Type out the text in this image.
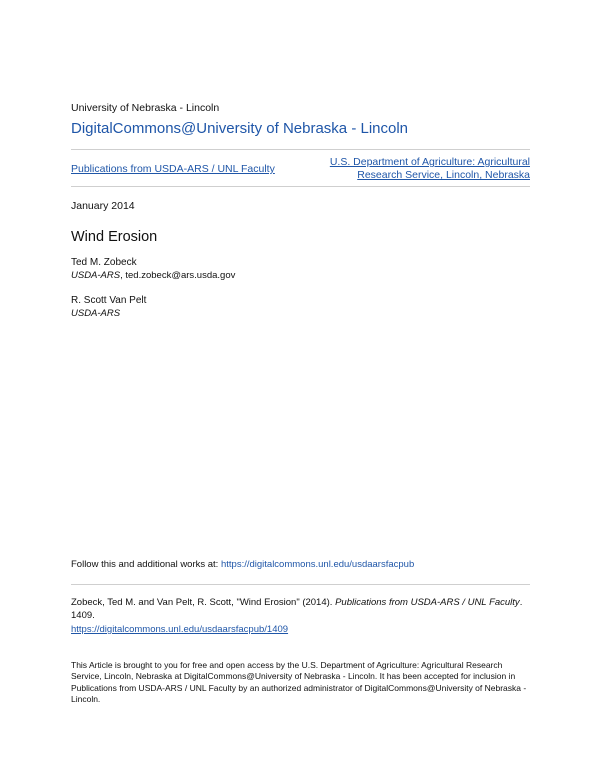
University of Nebraska - Lincoln
DigitalCommons@University of Nebraska - Lincoln
Publications from USDA-ARS / UNL Faculty
U.S. Department of Agriculture: Agricultural Research Service, Lincoln, Nebraska
January 2014
Wind Erosion
Ted M. Zobeck
USDA-ARS, ted.zobeck@ars.usda.gov
R. Scott Van Pelt
USDA-ARS
Follow this and additional works at: https://digitalcommons.unl.edu/usdaarsfacpub
Zobeck, Ted M. and Van Pelt, R. Scott, "Wind Erosion" (2014). Publications from USDA-ARS / UNL Faculty. 1409.
https://digitalcommons.unl.edu/usdaarsfacpub/1409
This Article is brought to you for free and open access by the U.S. Department of Agriculture: Agricultural Research Service, Lincoln, Nebraska at DigitalCommons@University of Nebraska - Lincoln. It has been accepted for inclusion in Publications from USDA-ARS / UNL Faculty by an authorized administrator of DigitalCommons@University of Nebraska - Lincoln.
